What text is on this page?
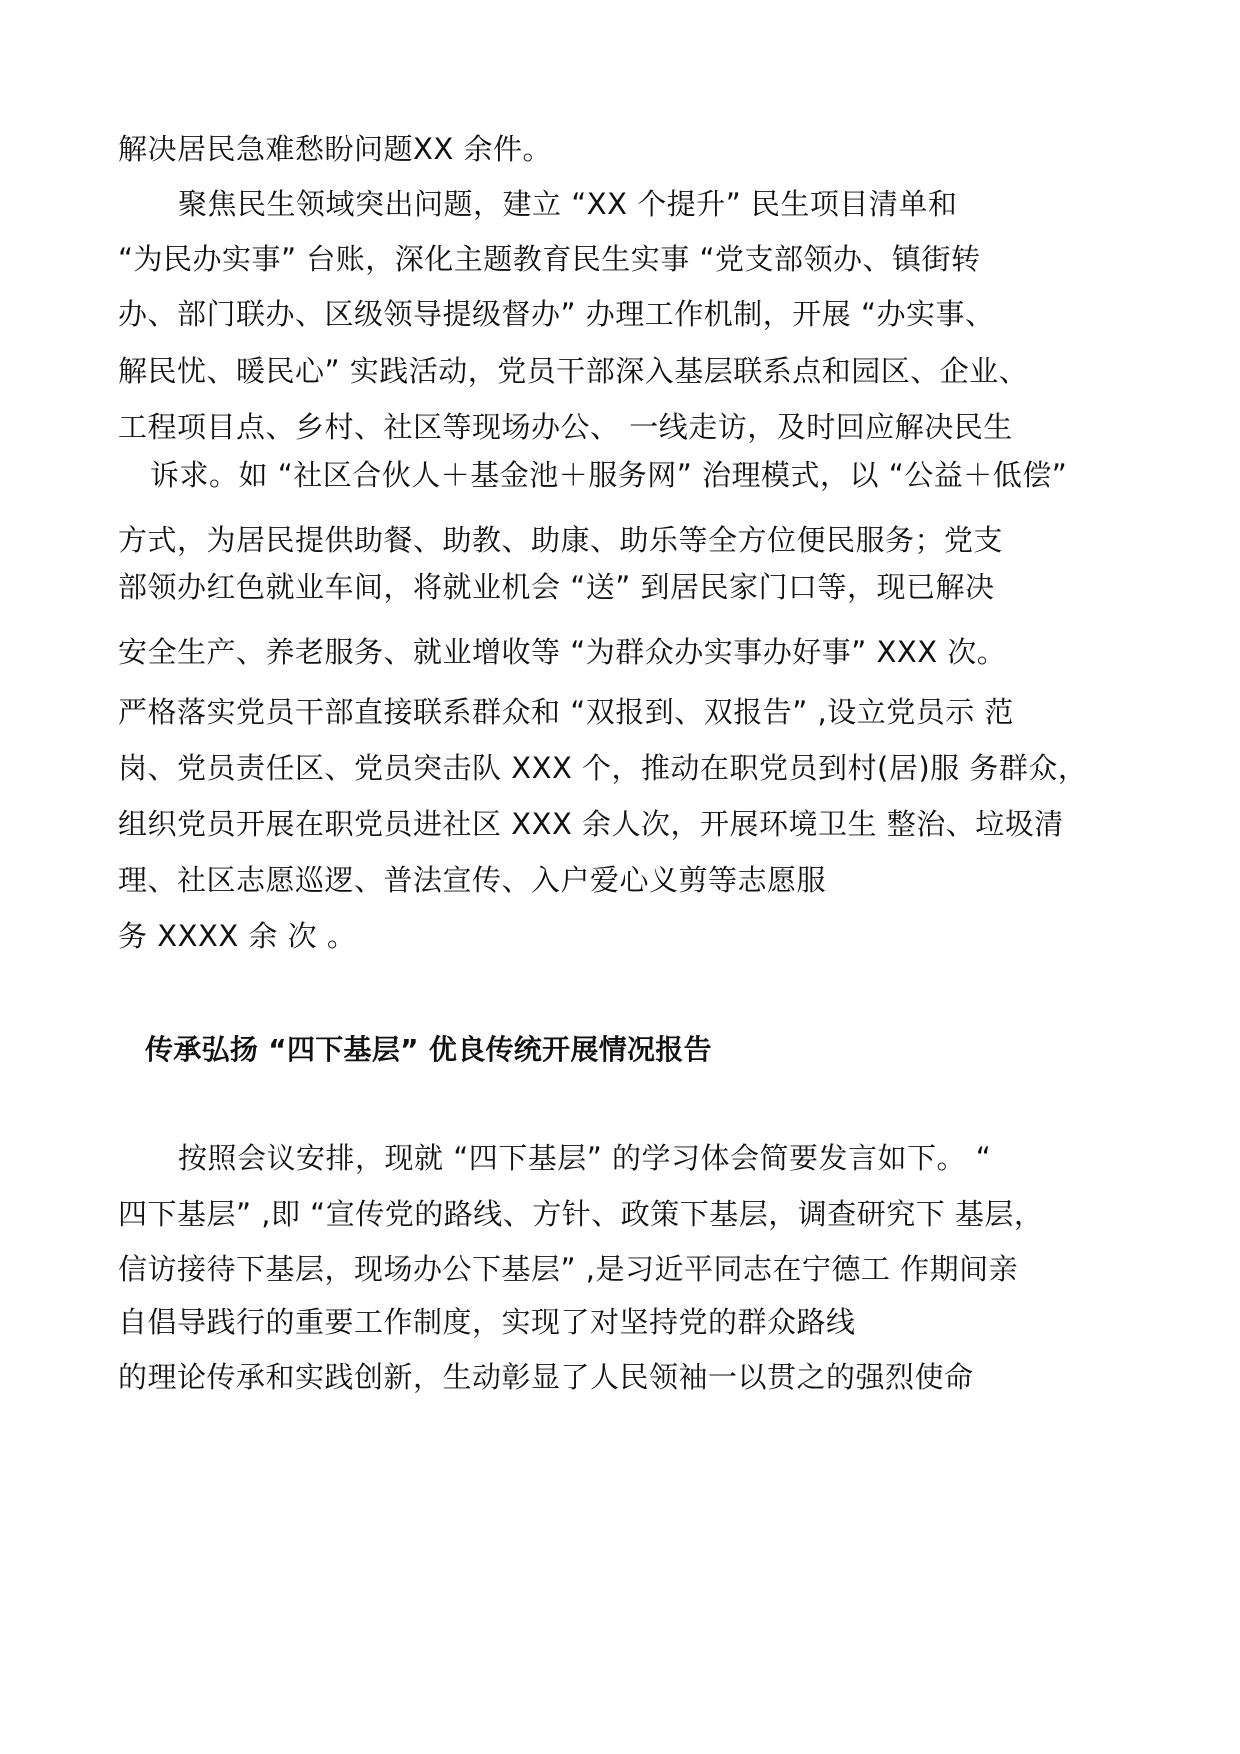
解决居民急难愁盼问题XX 余件。
聚焦民生领域突出问题，建立 “XX 个提升” 民生项目清单和
“为民办实事” 台账，深化主题教育民生实事 “党支部领办、镇街转
办、部门联办、区级领导提级督办” 办理工作机制，开展 “办实事、
解民忧、暖民心” 实践活动，党员干部深入基层联系点和园区、企业、
工程项目点、乡村、社区等现场办公、 一线走访，及时回应解决民生
诉求。如 “社区合伙人＋基金池＋服务网” 治理模式，以 “公益＋低偿”
方式，为居民提供助餐、助教、助康、助乐等全方位便民服务；党支
部领办红色就业车间，将就业机会 “送” 到居民家门口等，现已解决
安全生产、养老服务、就业增收等 “为群众办实事办好事” XXX 次。
严格落实党员干部直接联系群众和 “双报到、双报告” ,设立党员示 范
岗、党员责任区、党员突击队 XXX 个，推动在职党员到村(居)服 务群众，
组织党员开展在职党员进社区 XXX 余人次，开展环境卫生 整治、垃圾清
理、社区志愿巡逻、普法宣传、入户爱心义剪等志愿服
务 XXXX 余 次 。
传承弘扬 “四下基层” 优良传统开展情况报告
按照会议安排，现就 “四下基层” 的学习体会简要发言如下。 “
四下基层” ,即 “宣传党的路线、方针、政策下基层，调查研究下 基层，
信访接待下基层，现场办公下基层” ,是习近平同志在宁德工 作期间亲
自倡导践行的重要工作制度，实现了对坚持党的群众路线
的理论传承和实践创新，生动彰显了人民领袖一以贯之的强烈使命
